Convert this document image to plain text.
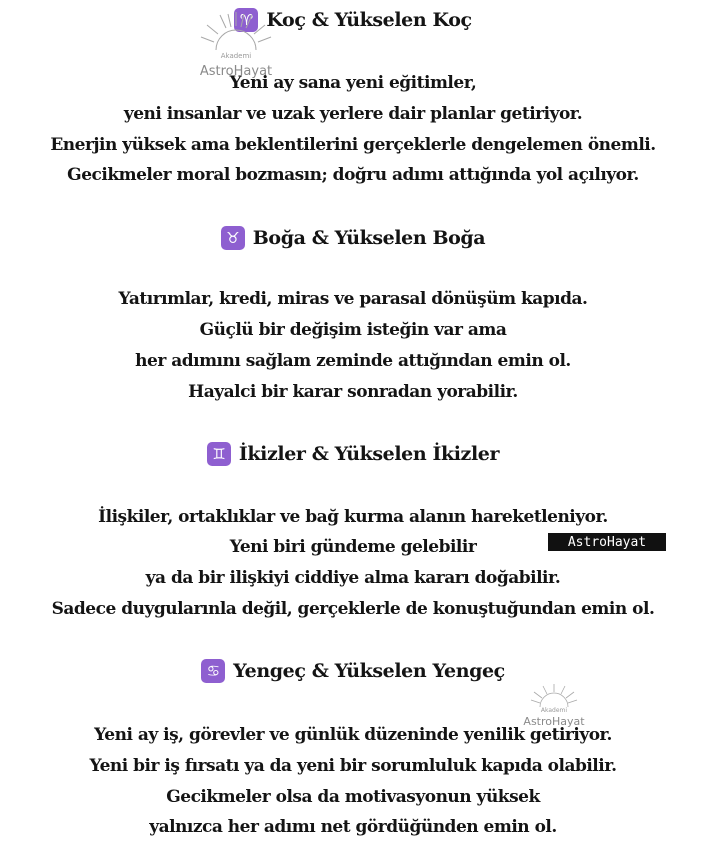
♈ Koç & Yükselen Koç
Yeni ay sana yeni eğitimler,
yeni insanlar ve uzak yerlere dair planlar getiriyor.
Enerjin yüksek ama beklentilerini gerçeklerle dengelemen önemli.
Gecikmeler moral bozmasın; doğru adımı attığında yol açılıyor.
♉ Boğa & Yükselen Boğa
Yatırımlar, kredi, miras ve parasal dönüşüm kapıda.
Güçlü bir değişim isteğin var ama
her adımını sağlam zeminde attığından emin ol.
Hayalci bir karar sonradan yorabilir.
♊ İkizler & Yükselen İkizler
İlişkiler, ortaklıklar ve bağ kurma alanın hareketleniyor.
Yeni biri gündeme gelebilir
ya da bir ilişkiyi ciddiye alma kararı doğabilir.
Sadece duygularınla değil, gerçeklerle de konuştuğundan emin ol.
♋ Yengeç & Yükselen Yengeç
Yeni ay iş, görevler ve günlük düzeninde yenilik getiriyor.
Yeni bir iş fırsatı ya da yeni bir sorumluluk kapıda olabilir.
Gecikmeler olsa da motivasyonun yüksek
yalnızca her adımı net gördüğünden emin ol.
Akademi
AstroHayat
AstroHayat
Akademi
AstroHayat
